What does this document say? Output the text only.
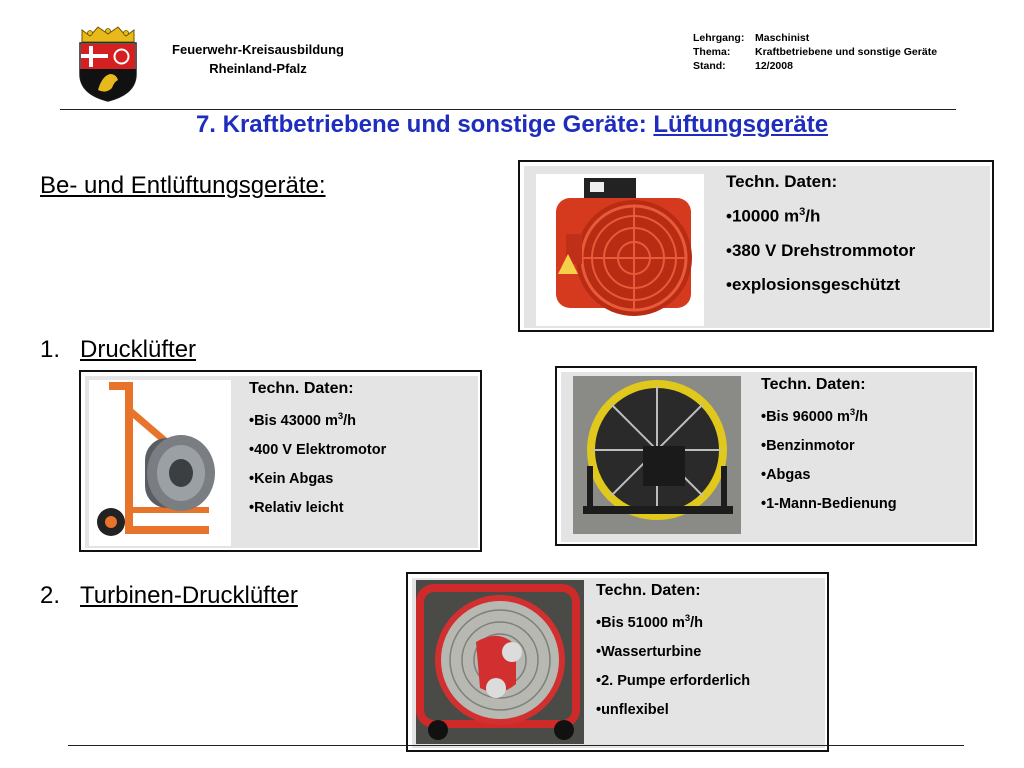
Feuerwehr-Kreisausbildung
Rheinland-Pfalz
Lehrgang:	Maschinist
Thema:	Kraftbetriebene und sonstige Geräte
Stand:	12/2008
7. Kraftbetriebene und sonstige Geräte: Lüftungsgeräte
Be- und Entlüftungsgeräte:
1. Drucklüfter
2. Turbinen-Drucklüfter

Techn. Daten:

•10000 $m^3/h$

•380 V Drehstrommotor

•explosionsgeschützt

Techn. Daten:

•Bis 43000 $m^3/h$

•400 V Elektromotor

•Kein Abgas

•Relativ leicht

Techn. Daten:

•Bis 96000 $m^3/h$

•Benzinmotor

•Abgas

•1-Mann-Bedienung

Techn. Daten:

•Bis 51000 $m^3/h$

•Wasserturbine

•2. Pumpe erforderlich

•unflexibel
